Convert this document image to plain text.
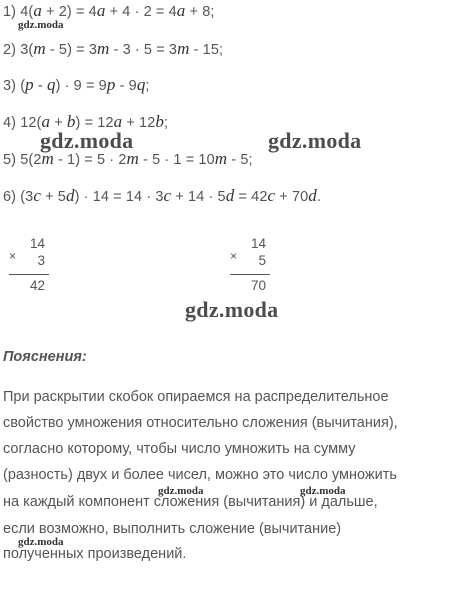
1) 4(a + 2) = 4a + 4 · 2 = 4a + 8;
2) 3(m - 5) = 3m - 3 · 5 = 3m - 15;
3) (p - q) · 9 = 9p - 9q;
4) 12(a + b) = 12a + 12b;
5) 5(2m - 1) = 5 · 2m - 5 · 1 = 10m - 5;
6) (3c + 5d) · 14 = 14 · 3c + 14 · 5d = 42c + 70d.
×
14
3
42
×
14
5
70
Пояснения:
При раскрытии скобок опираемся на распределительное
свойство умножения относительно сложения (вычитания),
согласно которому, чтобы число умножить на сумму
(разность) двух и более чисел, можно это число умножить
на каждый компонент сложения (вычитания) и дальше,
если возможно, выполнить сложение (вычитание)
полученных произведений.
gdz.moda
gdz.moda	gdz.moda
gdz.moda
gdz.moda	gdz.moda
gdz.moda
